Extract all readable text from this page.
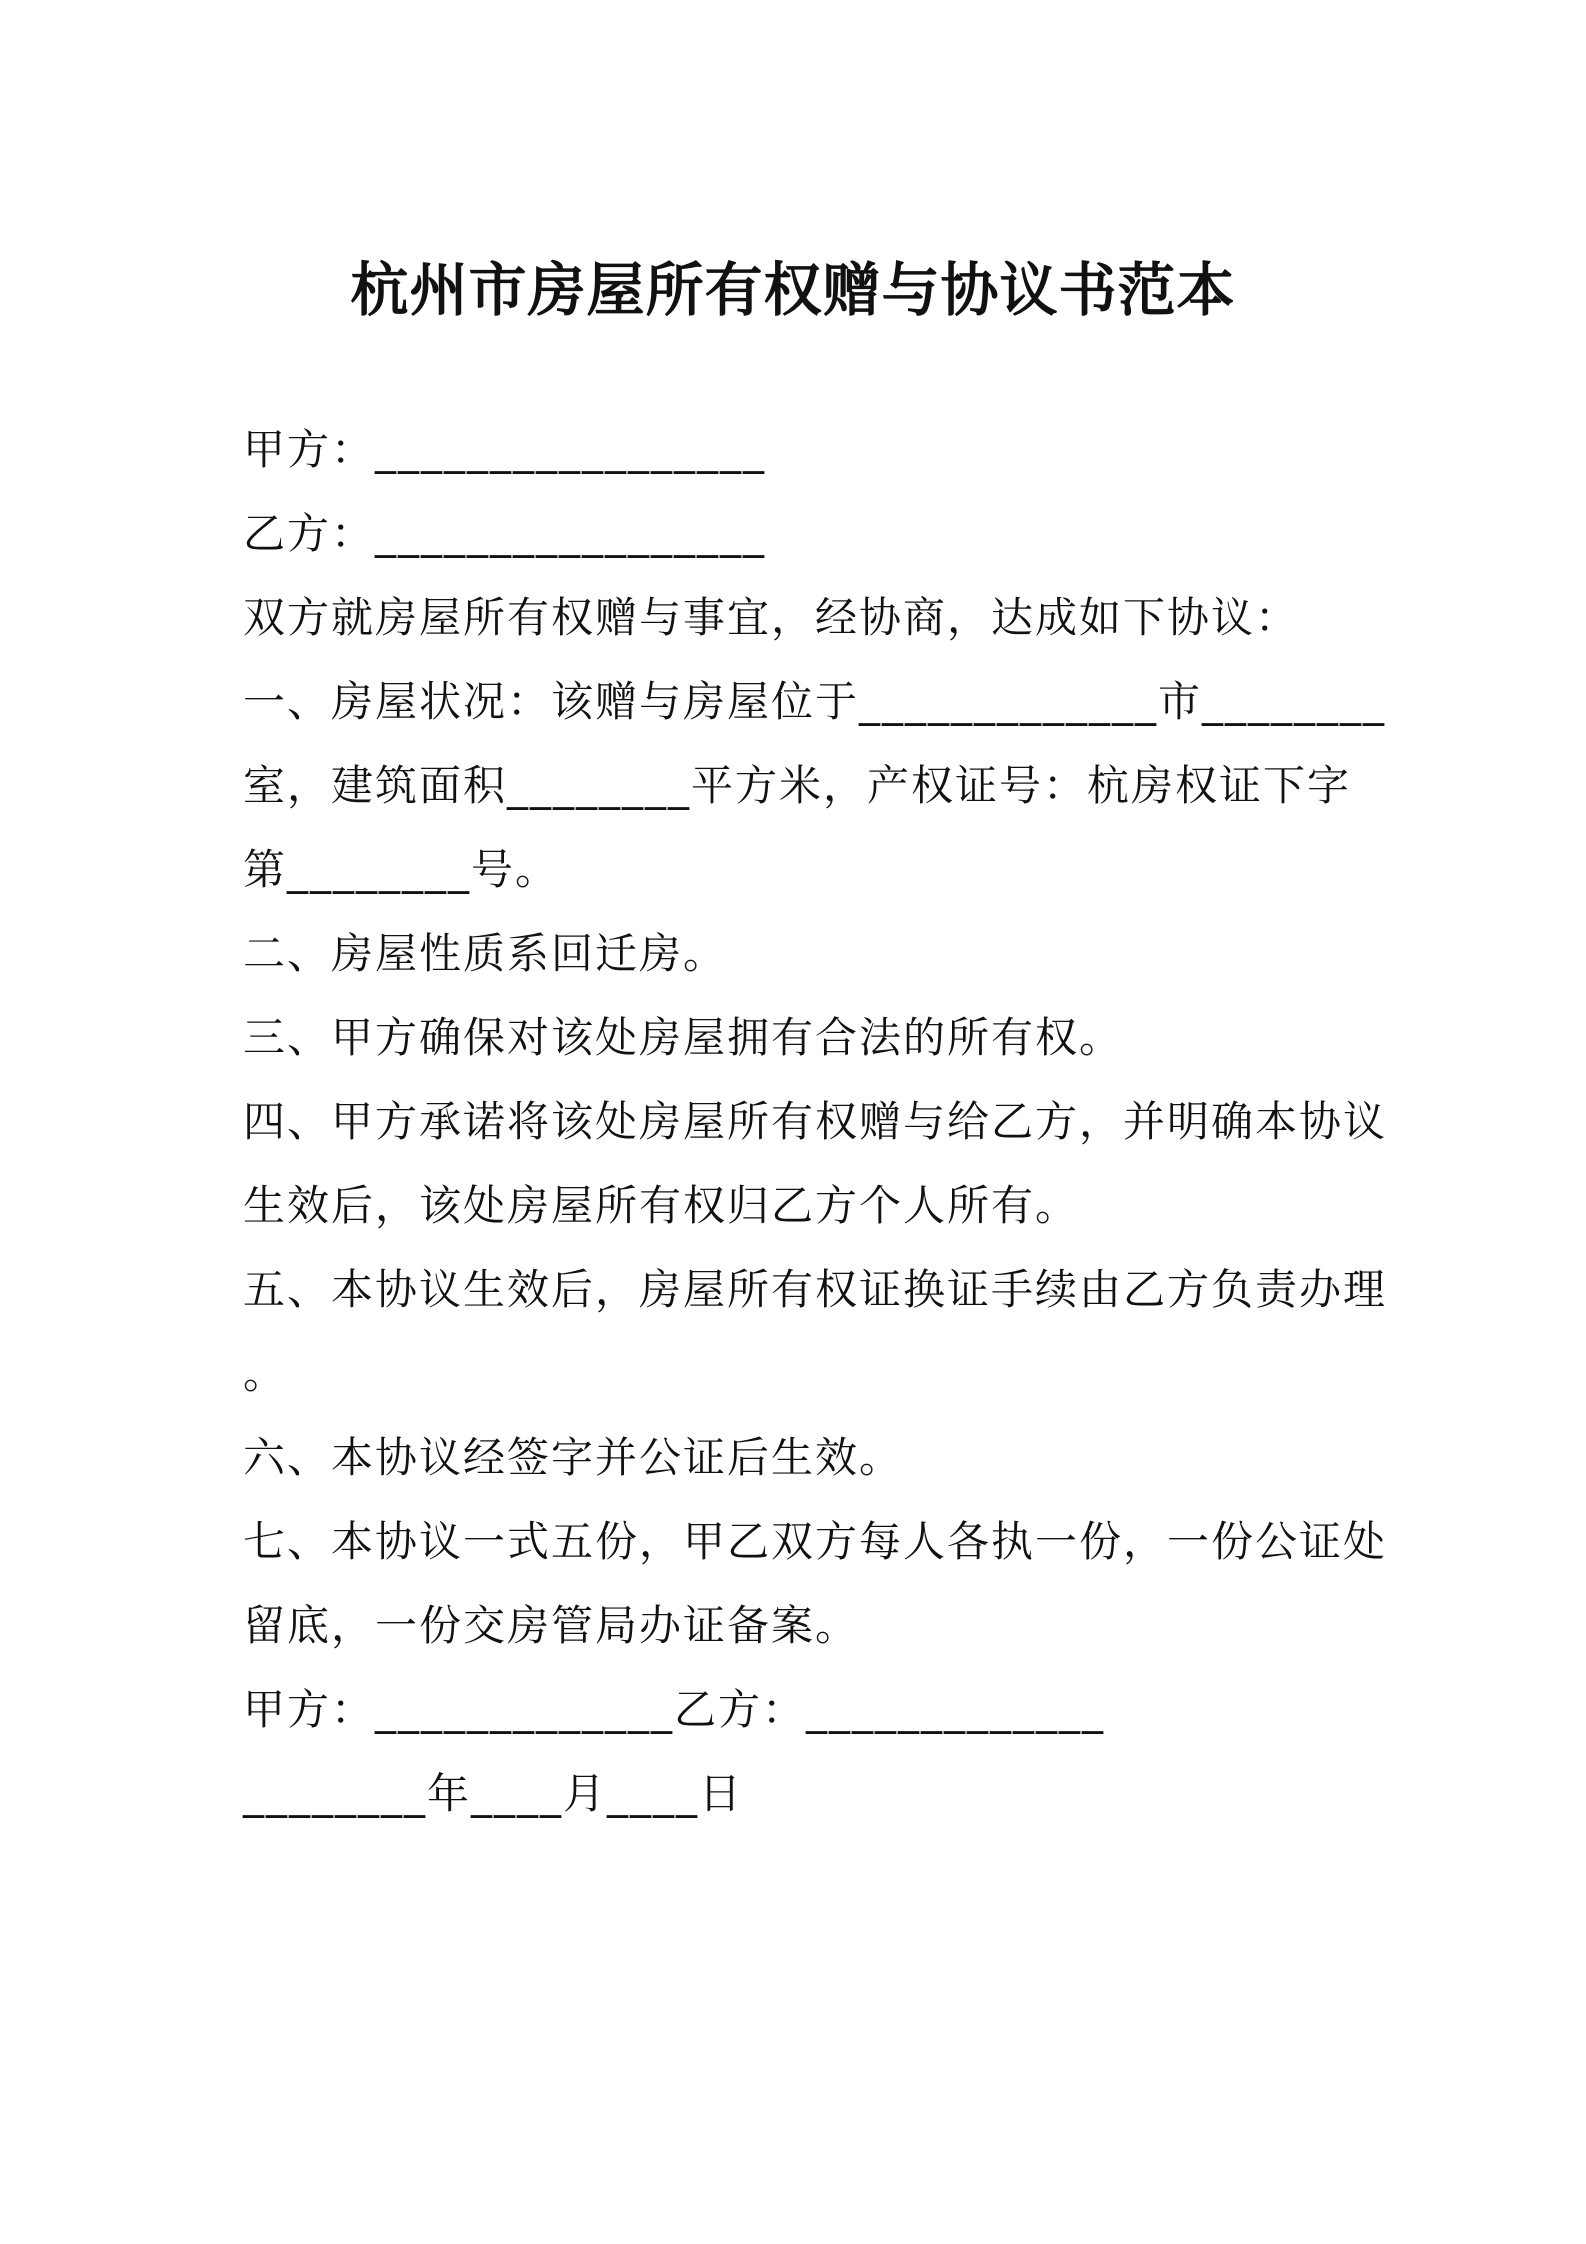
杭州市房屋所有权赠与协议书范本

甲方：_________________

乙方：_________________

双方就房屋所有权赠与事宜，经协商，达成如下协议：

一、房屋状况：该赠与房屋位于_____________市________

室，建筑面积________平方米，产权证号：杭房权证下字

第________号。

二、房屋性质系回迁房。

三、甲方确保对该处房屋拥有合法的所有权。

四、甲方承诺将该处房屋所有权赠与给乙方，并明确本协议

生效后，该处房屋所有权归乙方个人所有。

五、本协议生效后，房屋所有权证换证手续由乙方负责办理

。

六、本协议经签字并公证后生效。

七、本协议一式五份，甲乙双方每人各执一份，一份公证处

留底，一份交房管局办证备案。

甲方：_____________乙方：_____________

________年____月____日
